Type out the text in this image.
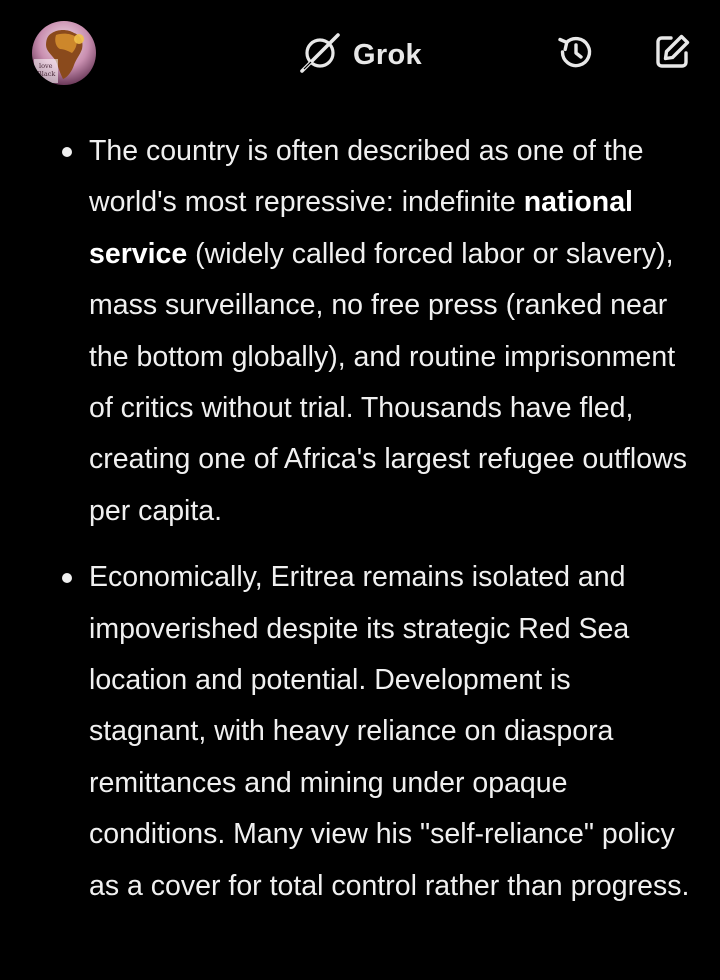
love
Black
Grok
The country is often described as one of the world's most repressive: indefinite national service (widely called forced labor or slavery), mass surveillance, no free press (ranked near the bottom globally), and routine imprisonment of critics without trial. Thousands have fled, creating one of Africa's largest refugee outflows per capita.
Economically, Eritrea remains isolated and impoverished despite its strategic Red Sea location and potential. Development is stagnant, with heavy reliance on diaspora remittances and mining under opaque conditions. Many view his "self-reliance" policy as a cover for total control rather than progress.
